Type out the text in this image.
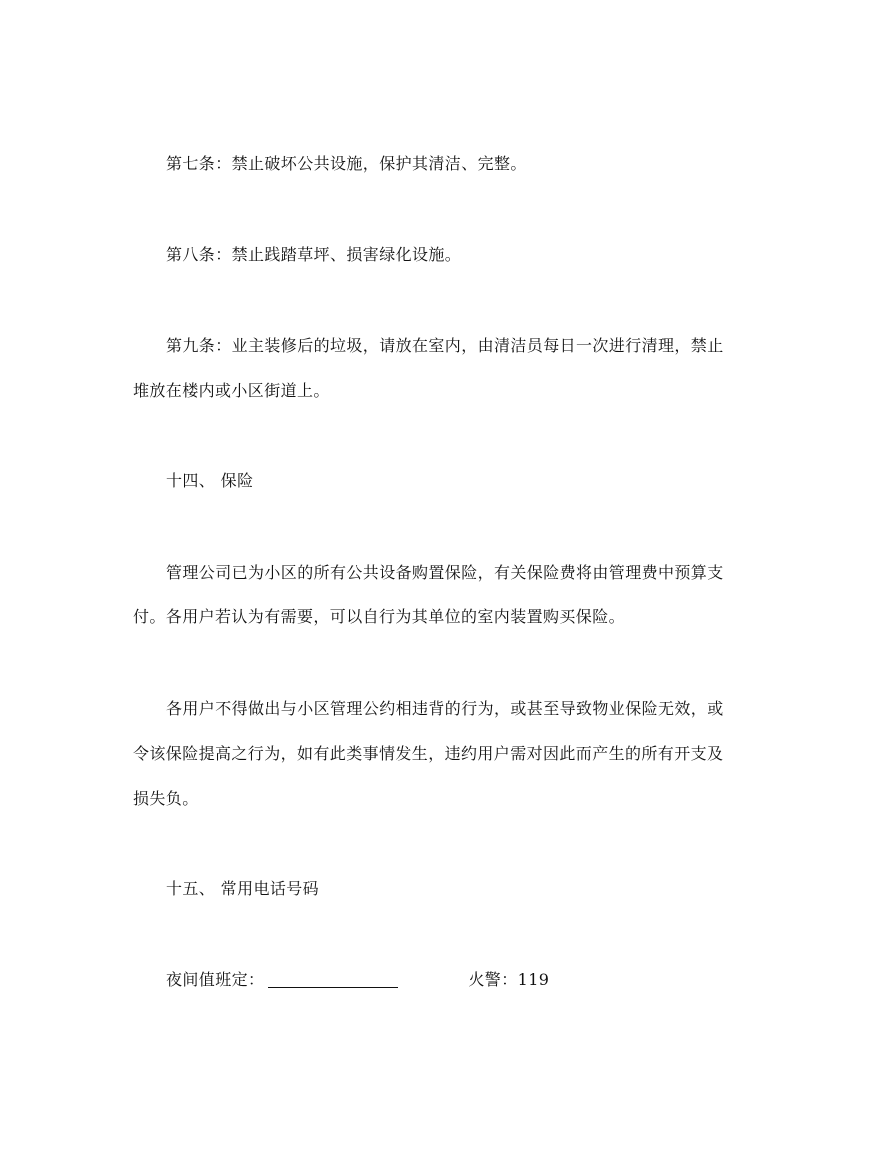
第七条：禁止破坏公共设施，保护其清洁、完整。
第八条：禁止践踏草坪、损害绿化设施。
第九条：业主装修后的垃圾，请放在室内，由清洁员每日一次进行清理，禁止
堆放在楼内或小区街道上。
十四、 保险
管理公司已为小区的所有公共设备购置保险，有关保险费将由管理费中预算支
付。各用户若认为有需要，可以自行为其单位的室内装置购买保险。
各用户不得做出与小区管理公约相违背的行为，或甚至导致物业保险无效，或
令该保险提高之行为，如有此类事情发生，违约用户需对因此而产生的所有开支及
损失负。
十五、 常用电话号码
夜间值班定：	火警：119
